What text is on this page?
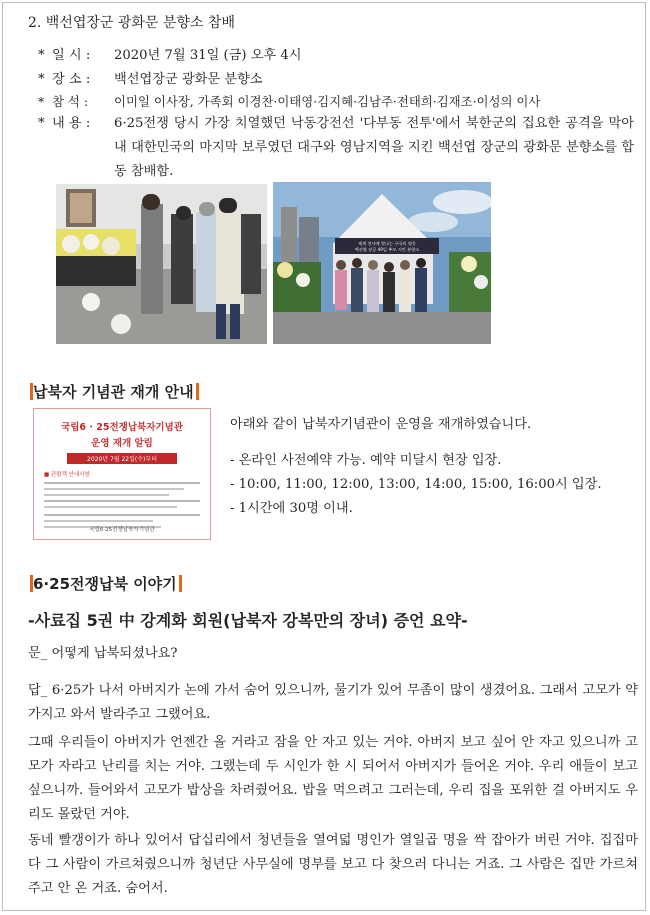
2. 백선엽장군 광화문 분향소 참배
* 일 시 : 2020년 7월 31일 (금) 오후 4시
* 장 소 : 백선엽장군 광화문 분향소
* 참 석 : 이미일 이사장, 가족회 이경찬·이태영·김지혜·김남주·전태희·김재조·이성의 이사
* 내 용 :	6·25전쟁 당시 가장 치열했던 낙동강전선 '다부동 전투'에서 북한군의 집요한 공격을 막아내 대한민국의 마지막 보루였던 대구와 영남지역을 지킨 백선엽 장군의 광화문 분향소를 합동 참배함.
세계 전사에 빛나는 구국의 영웅
백선엽 장군 49일 추모 시민 분향소
납북자 기념관 재개 안내
국립6 · 25전쟁납북자기념관
운영 재개 알림
2020년 7월 22일(수)부터
■ 관람객 안내사항
국립6·25전쟁납북자기념관
아래와 같이 납북자기념관이 운영을 재개하였습니다.
- 온라인 사전예약 가능. 예약 미달시 현장 입장.
- 10:00, 11:00, 12:00, 13:00, 14:00, 15:00, 16:00시 입장.
- 1시간에 30명 이내.
6·25전쟁납북 이야기
-사료집 5권 中 강계화 회원(납북자 강복만의 장녀) 증언 요약-
문_ 어떻게 납북되셨나요?
답_ 6·25가 나서 아버지가 논에 가서 숨어 있으니까, 물기가 있어 무좀이 많이 생겼어요. 그래서 고모가 약 가지고 와서 발라주고 그랬어요.
그때 우리들이 아버지가 언젠간 올 거라고 잠을 안 자고 있는 거야. 아버지 보고 싶어 안 자고 있으니까 고모가 자라고 난리를 치는 거야. 그랬는데 두 시인가 한 시 되어서 아버지가 들어온 거야. 우리 애들이 보고 싶으니까. 들어와서 고모가 밥상을 차려줬어요. 밥을 먹으려고 그러는데, 우리 집을 포위한 걸 아버지도 우리도 몰랐던 거야.
동네 빨갱이가 하나 있어서 답십리에서 청년들을 열여덟 명인가 열일곱 명을 싹 잡아가 버린 거야. 집집마다 그 사람이 가르쳐줬으니까 청년단 사무실에 명부를 보고 다 찾으러 다니는 거죠. 그 사람은 집만 가르쳐주고 안 온 거죠. 숨어서.
